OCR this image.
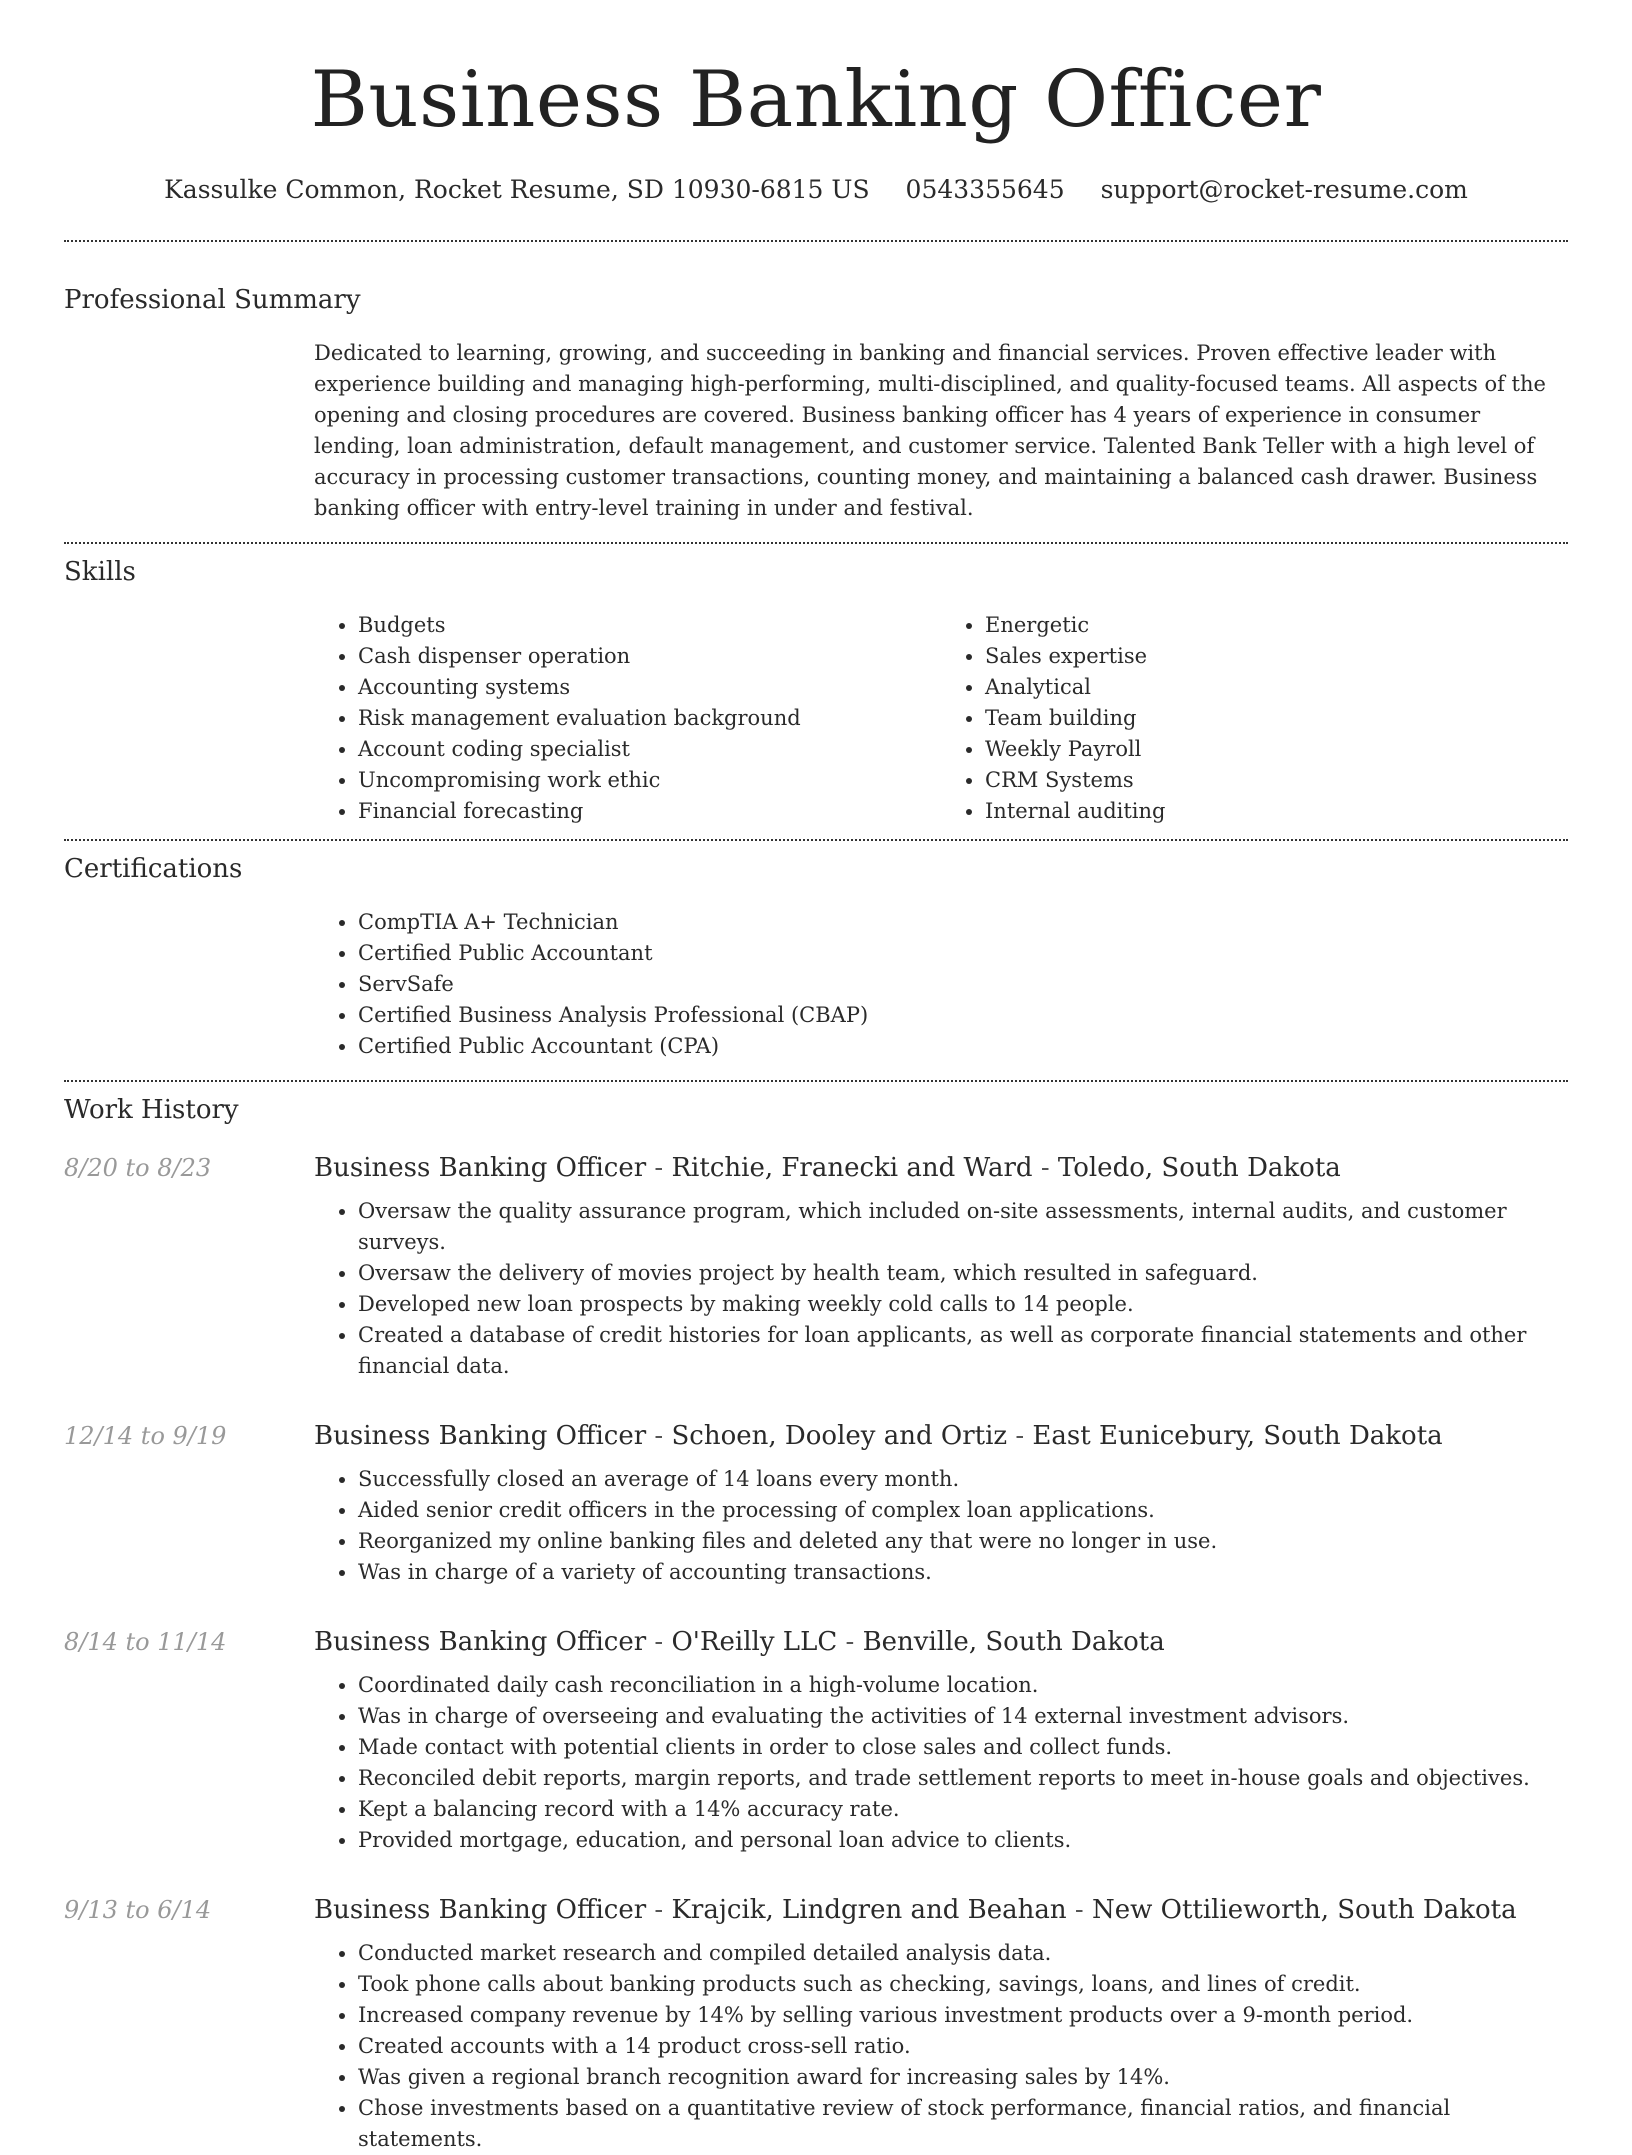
Business Banking Officer
Kassulke Common, Rocket Resume, SD 10930-6815 US 0543355645 support@rocket-resume.com
Professional Summary

Dedicated to learning, growing, and succeeding in banking and financial services. Proven effective leader with experience building and managing high-performing, multi-disciplined, and quality-focused teams. All aspects of the opening and closing procedures are covered. Business banking officer has 4 years of experience in consumer lending, loan administration, default management, and customer service. Talented Bank Teller with a high level of accuracy in processing customer transactions, counting money, and maintaining a balanced cash drawer. Business banking officer with entry-level training in under and festival.

Skills
• Budgets
• Cash dispenser operation
• Accounting systems
• Risk management evaluation background
• Account coding specialist
• Uncompromising work ethic
• Financial forecasting
• Energetic
• Sales expertise
• Analytical
• Team building
• Weekly Payroll
• CRM Systems
• Internal auditing
Certifications
• CompTIA A+ Technician
• Certified Public Accountant
• ServSafe
• Certified Business Analysis Professional (CBAP)
• Certified Public Accountant (CPA)
Work History
8/20 to 8/23	Business Banking Officer - Ritchie, Franecki and Ward - Toledo, South Dakota
• Oversaw the quality assurance program, which included on-site assessments, internal audits, and customer surveys.
• Oversaw the delivery of movies project by health team, which resulted in safeguard.
• Developed new loan prospects by making weekly cold calls to 14 people.
• Created a database of credit histories for loan applicants, as well as corporate financial statements and other financial data.
12/14 to 9/19	Business Banking Officer - Schoen, Dooley and Ortiz - East Eunicebury, South Dakota
• Successfully closed an average of 14 loans every month.
• Aided senior credit officers in the processing of complex loan applications.
• Reorganized my online banking files and deleted any that were no longer in use.
• Was in charge of a variety of accounting transactions.
8/14 to 11/14	Business Banking Officer - O'Reilly LLC - Benville, South Dakota
• Coordinated daily cash reconciliation in a high-volume location.
• Was in charge of overseeing and evaluating the activities of 14 external investment advisors.
• Made contact with potential clients in order to close sales and collect funds.
• Reconciled debit reports, margin reports, and trade settlement reports to meet in-house goals and objectives.
• Kept a balancing record with a 14% accuracy rate.
• Provided mortgage, education, and personal loan advice to clients.
9/13 to 6/14	Business Banking Officer - Krajcik, Lindgren and Beahan - New Ottilieworth, South Dakota
• Conducted market research and compiled detailed analysis data.
• Took phone calls about banking products such as checking, savings, loans, and lines of credit.
• Increased company revenue by 14% by selling various investment products over a 9-month period.
• Created accounts with a 14 product cross-sell ratio.
• Was given a regional branch recognition award for increasing sales by 14%.
• Chose investments based on a quantitative review of stock performance, financial ratios, and financial statements.
